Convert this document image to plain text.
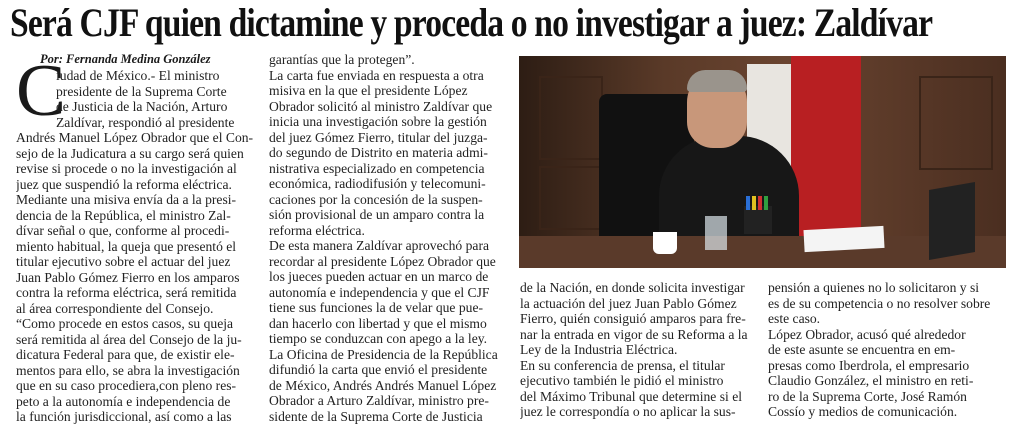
Será CJF quien dictamine y proceda o no investigar a juez: Zaldívar
Por: Fernanda Medina González
C
iudad de México.- El ministro
presidente de la Suprema Corte
de Justicia de la Nación, Arturo
Zaldívar, respondió al presidente
Andrés Manuel López Obrador que el Con-
sejo de la Judicatura a su cargo será quien
revise si procede o no la investigación al
juez que suspendió la reforma eléctrica.
Mediante una misiva envía da a la presi-
dencia de la República, el ministro Zal-
dívar señal o que, conforme al procedi-
miento habitual, la queja que presentó el
titular ejecutivo sobre el actuar del juez
Juan Pablo Gómez Fierro en los amparos
contra la reforma eléctrica, será remitida
al área correspondiente del Consejo.
“Como procede en estos casos, su queja
será remitida al área del Consejo de la ju-
dicatura Federal para que, de existir ele-
mentos para ello, se abra la investigación
que en su caso procediera,con pleno res-
peto a la autonomía e independencia de
la función jurisdiccional, así como a las
garantías que la protegen”.
La carta fue enviada en respuesta a otra
misiva en la que el presidente López
Obrador solicitó al ministro Zaldívar que
inicia una investigación sobre la gestión
del juez Gómez Fierro, titular del juzga-
do segundo de Distrito en materia admi-
nistrativa especializado en competencia
económica, radiodifusión y telecomuni-
caciones por la concesión de la suspen-
sión provisional de un amparo contra la
reforma eléctrica.
De esta manera Zaldívar aprovechó para
recordar al presidente López Obrador que
los jueces pueden actuar en un marco de
autonomía e independencia y que el CJF
tiene sus funciones la de velar que pue-
dan hacerlo con libertad y que el mismo
tiempo se conduzcan con apego a la ley.
La Oficina de Presidencia de la República
difundió la carta que envió el presidente
de México, Andrés Andrés Manuel López
Obrador a Arturo Zaldívar, ministro pre-
sidente de la Suprema Corte de Justicia
de la Nación, en donde solicita investigar
la actuación del juez Juan Pablo Gómez
Fierro, quién consiguió amparos para fre-
nar la entrada en vigor de su Reforma a la
Ley de la Industria Eléctrica.
En su conferencia de prensa, el titular
ejecutivo también le pidió el ministro
del Máximo Tribunal que determine si el
juez le correspondía o no aplicar la sus-
pensión a quienes no lo solicitaron y si
es de su competencia o no resolver sobre
este caso.
López Obrador, acusó qué alrededor
de este asunte se encuentra en em-
presas como Iberdrola, el empresario
Claudio González, el ministro en reti-
ro de la Suprema Corte, José Ramón
Cossío y medios de comunicación.
